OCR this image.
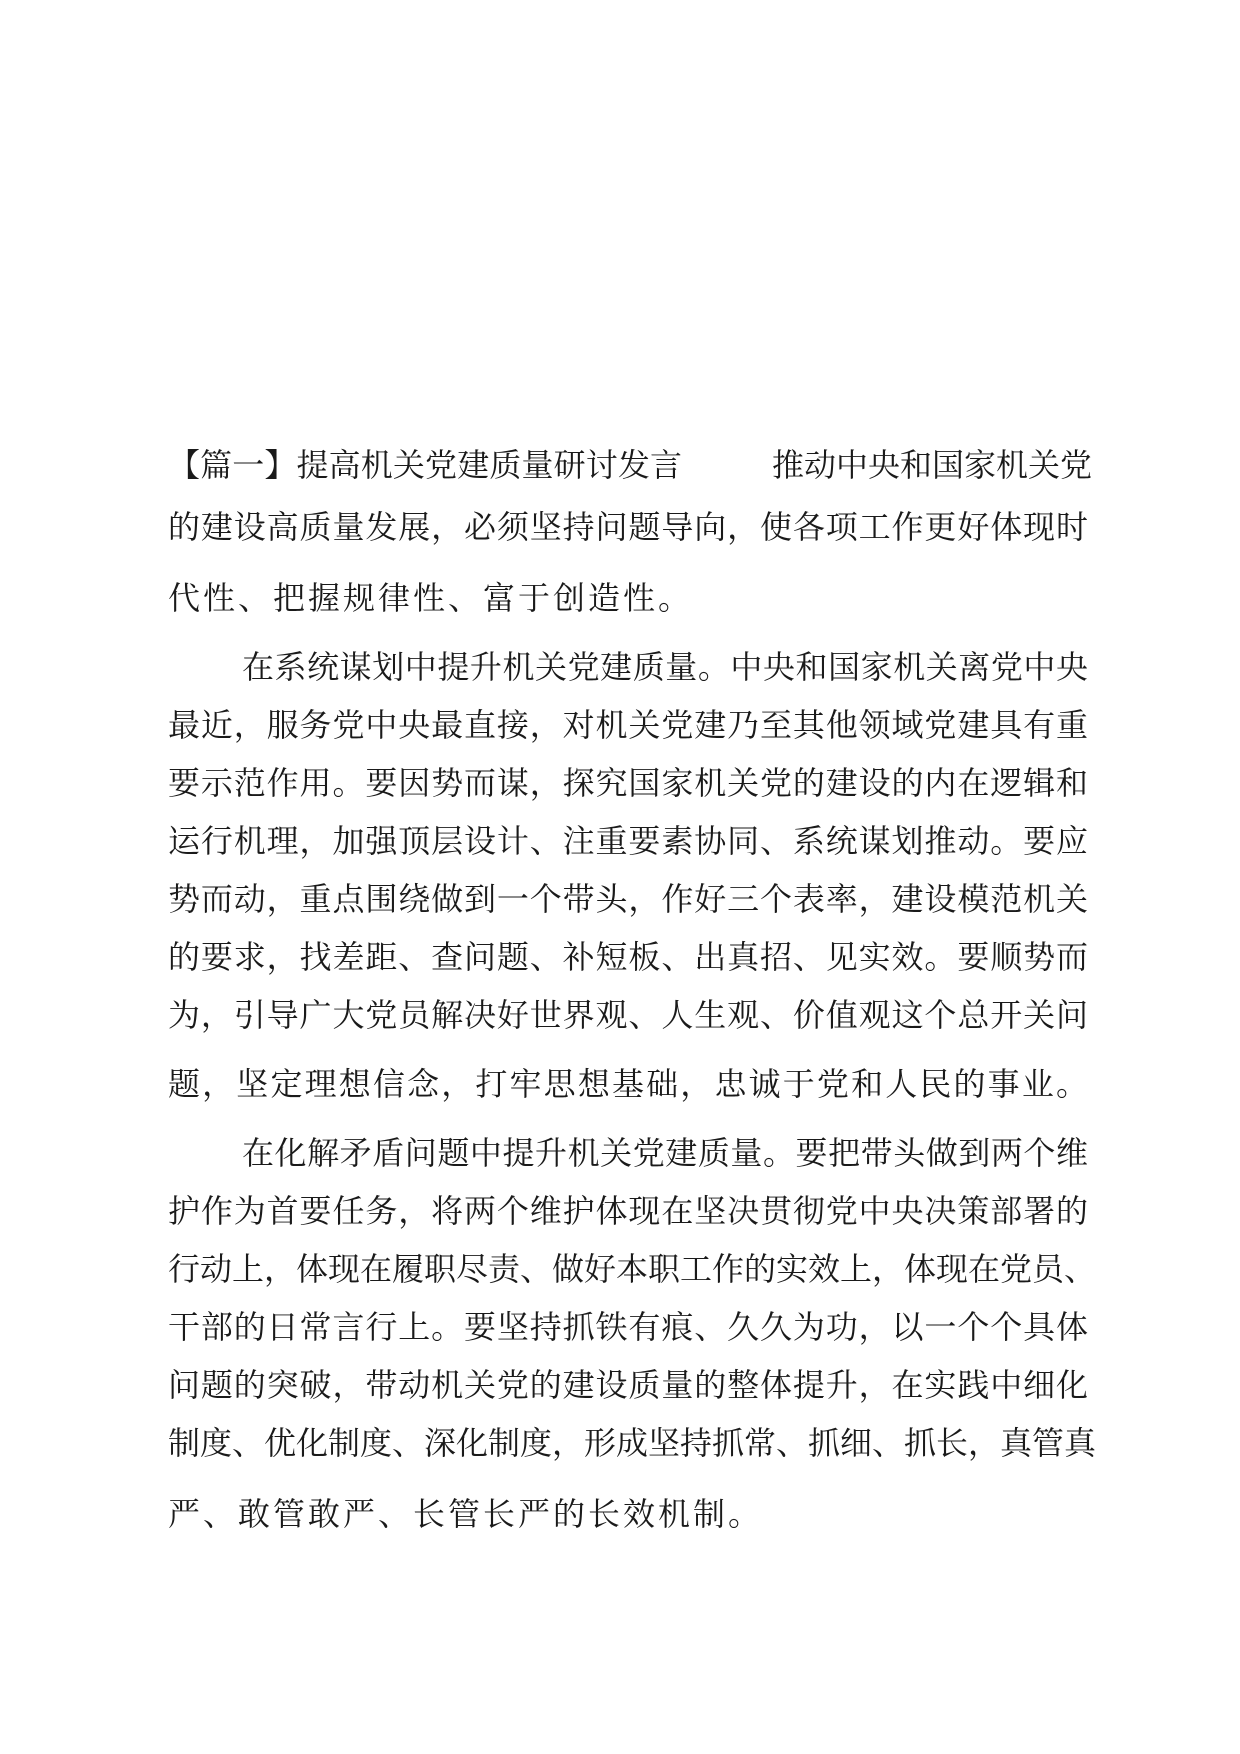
【篇一】提高机关党建质量研讨发言	推动中央和国家机关党
的建设高质量发展，必须坚持问题导向，使各项工作更好体现时
代性、把握规律性、富于创造性。
在系统谋划中提升机关党建质量。中央和国家机关离党中央
最近，服务党中央最直接，对机关党建乃至其他领域党建具有重
要示范作用。要因势而谋，探究国家机关党的建设的内在逻辑和
运行机理，加强顶层设计、注重要素协同、系统谋划推动。要应
势而动，重点围绕做到一个带头，作好三个表率，建设模范机关
的要求，找差距、查问题、补短板、出真招、见实效。要顺势而
为，引导广大党员解决好世界观、人生观、价值观这个总开关问
题，坚定理想信念，打牢思想基础，忠诚于党和人民的事业。
在化解矛盾问题中提升机关党建质量。要把带头做到两个维
护作为首要任务，将两个维护体现在坚决贯彻党中央决策部署的
行动上，体现在履职尽责、做好本职工作的实效上，体现在党员、
干部的日常言行上。要坚持抓铁有痕、久久为功，以一个个具体
问题的突破，带动机关党的建设质量的整体提升，在实践中细化
制度、优化制度、深化制度，形成坚持抓常、抓细、抓长，真管真
严、敢管敢严、长管长严的长效机制。
